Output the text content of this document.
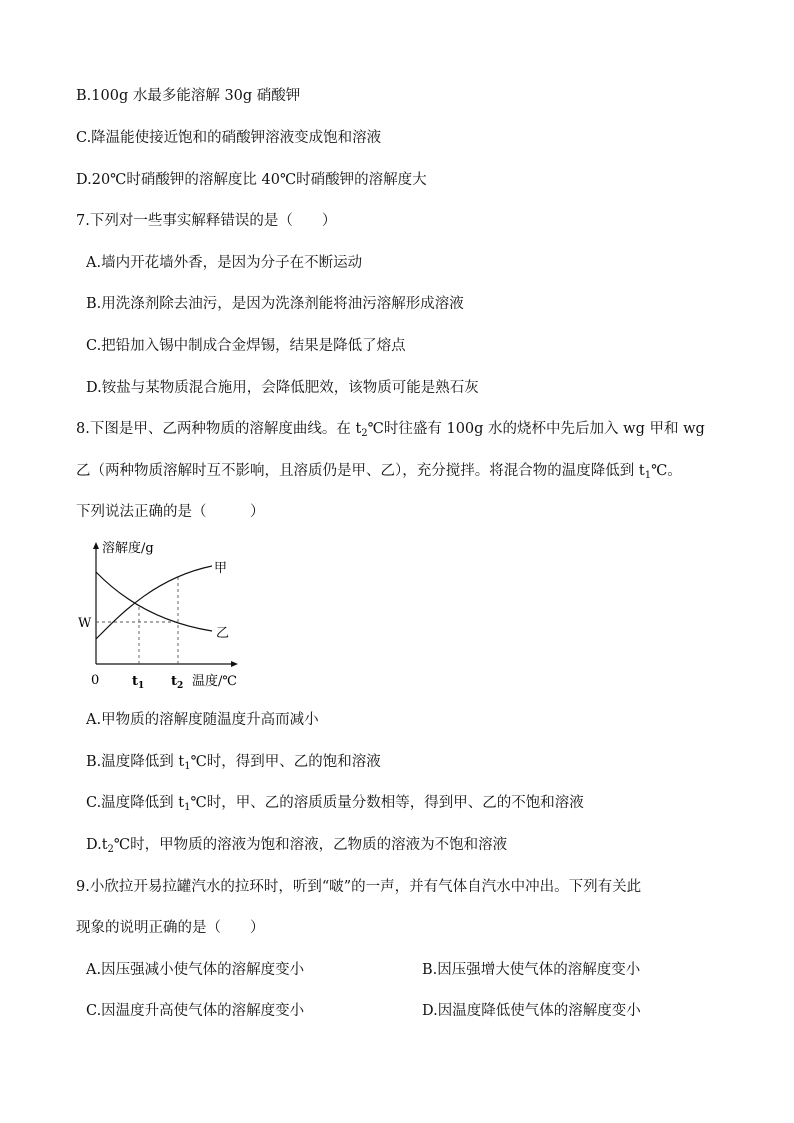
B.100g 水最多能溶解 30g 硝酸钾
C.降温能使接近饱和的硝酸钾溶液变成饱和溶液
D.20℃时硝酸钾的溶解度比 40℃时硝酸钾的溶解度大
7.下列对一些事实解释错误的是（　　）
A.墙内开花墙外香，是因为分子在不断运动
B.用洗涤剂除去油污，是因为洗涤剂能将油污溶解形成溶液
C.把铅加入锡中制成合金焊锡，结果是降低了熔点
D.铵盐与某物质混合施用，会降低肥效，该物质可能是熟石灰
8.下图是甲、乙两种物质的溶解度曲线。在 $t_2℃$时往盛有 100g 水的烧杯中先后加入 wg 甲和 wg
乙（两种物质溶解时互不影响，且溶质仍是甲、乙），充分搅拌。将混合物的温度降低到 $t_1℃$。
下列说法正确的是（　　　）
溶解度/g
甲
乙
W
0	$t_1$ $t_2$ 温度/℃
A.甲物质的溶解度随温度升高而减小
B.温度降低到 $t_1℃$时，得到甲、乙的饱和溶液
C.温度降低到 $t_1℃$时，甲、乙的溶质质量分数相等，得到甲、乙的不饱和溶液
$D.t_2℃$时，甲物质的溶液为饱和溶液，乙物质的溶液为不饱和溶液
9.小欣拉开易拉罐汽水的拉环时，听到“啵”的一声，并有气体自汽水中冲出。下列有关此
现象的说明正确的是（　　）
A.因压强减小使气体的溶解度变小	B.因压强增大使气体的溶解度变小
C.因温度升高使气体的溶解度变小	D.因温度降低使气体的溶解度变小
